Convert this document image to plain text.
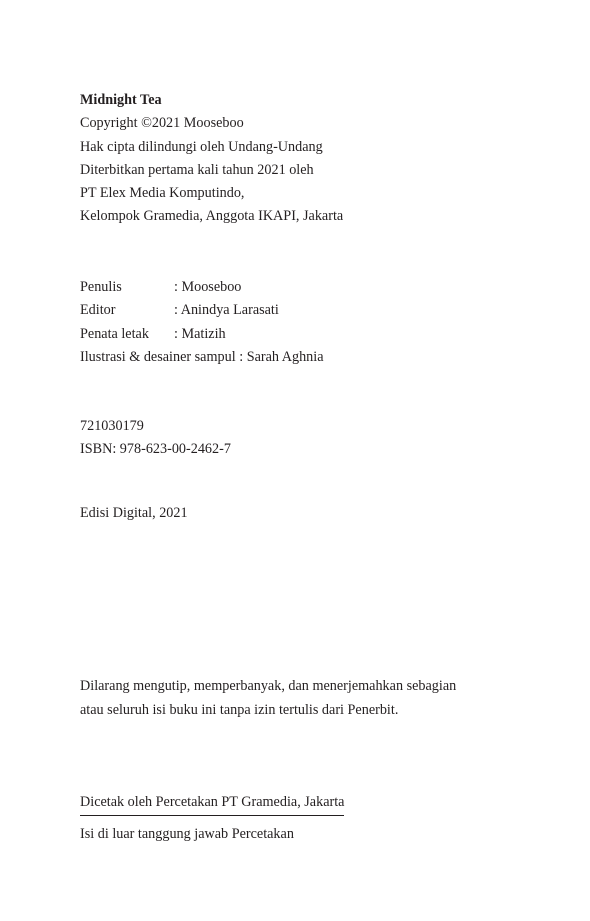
Midnight Tea
Copyright ©2021 Mooseboo
Hak cipta dilindungi oleh Undang-Undang
Diterbitkan pertama kali tahun 2021 oleh
PT Elex Media Komputindo,
Kelompok Gramedia, Anggota IKAPI, Jakarta
Penulis	: Mooseboo
Editor	: Anindya Larasati
Penata letak : Matizih
Ilustrasi & desainer sampul : Sarah Aghnia
721030179
ISBN: 978-623-00-2462-7
Edisi Digital, 2021
Dilarang mengutip, memperbanyak, dan menerjemahkan sebagian
atau seluruh isi buku ini tanpa izin tertulis dari Penerbit.
Dicetak oleh Percetakan PT Gramedia, Jakarta
Isi di luar tanggung jawab Percetakan
